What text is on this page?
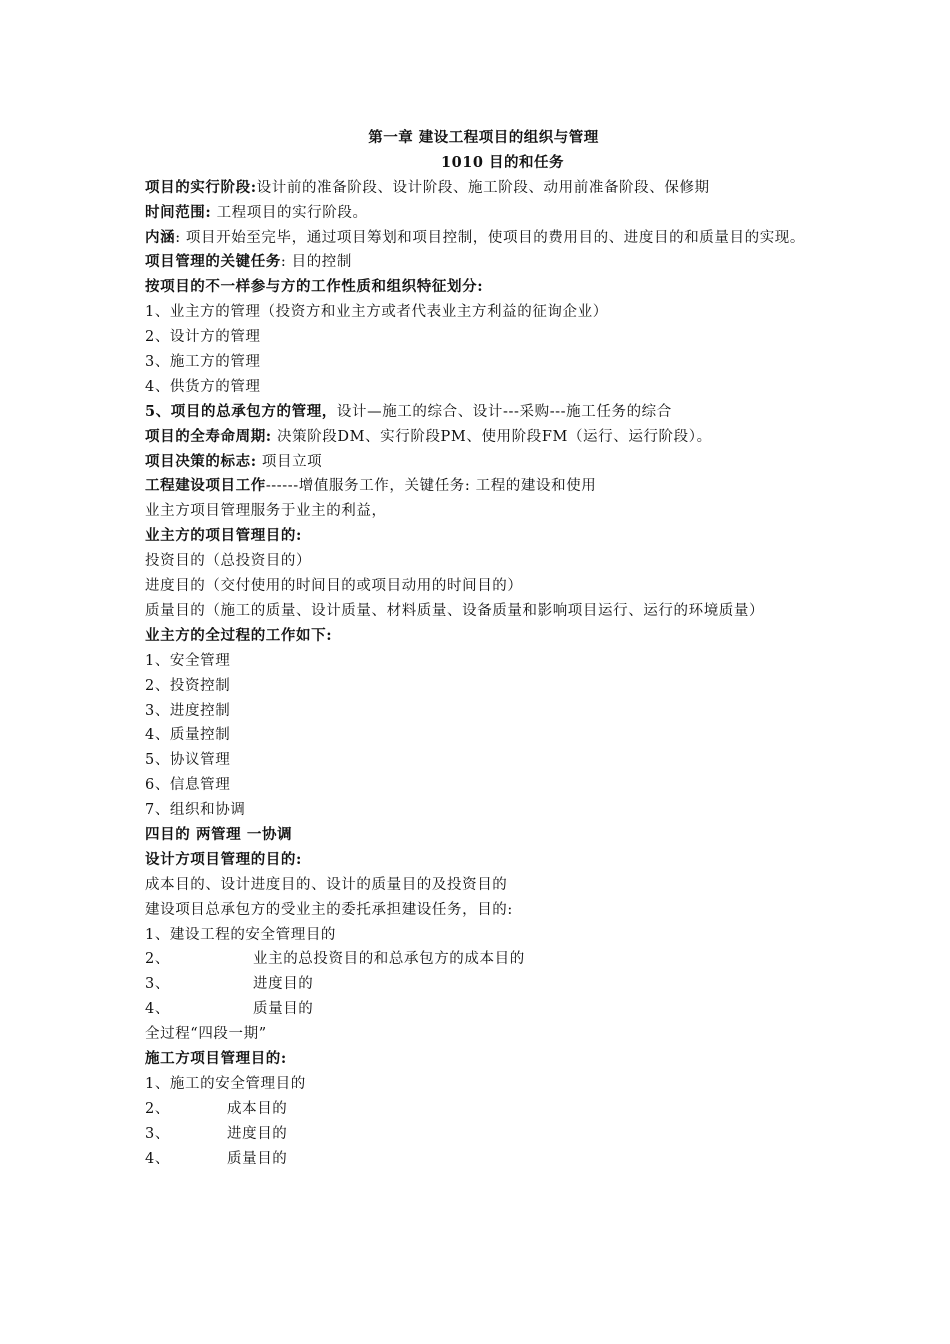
第一章 建设工程项目的组织与管理
1010 目的和任务
项目的实行阶段:设计前的准备阶段、设计阶段、施工阶段、动用前准备阶段、保修期
时间范围: 工程项目的实行阶段。
内涵: 项目开始至完毕，通过项目筹划和项目控制，使项目的费用目的、进度目的和质量目的实现。
项目管理的关键任务: 目的控制
按项目的不一样参与方的工作性质和组织特征划分:
1、业主方的管理（投资方和业主方或者代表业主方利益的征询企业）
2、设计方的管理
3、施工方的管理
4、供货方的管理
5、项目的总承包方的管理，设计—施工的综合、设计---采购---施工任务的综合
项目的全寿命周期: 决策阶段DM、实行阶段PM、使用阶段FM（运行、运行阶段）。
项目决策的标志: 项目立项
工程建设项目工作------增值服务工作，关键任务: 工程的建设和使用
业主方项目管理服务于业主的利益，
业主方的项目管理目的:
投资目的（总投资目的）
进度目的（交付使用的时间目的或项目动用的时间目的）
质量目的（施工的质量、设计质量、材料质量、设备质量和影响项目运行、运行的环境质量）
业主方的全过程的工作如下:
1、安全管理
2、投资控制
3、进度控制
4、质量控制
5、协议管理
6、信息管理
7、组织和协调
四目的 两管理 一协调
设计方项目管理的目的:
成本目的、设计进度目的、设计的质量目的及投资目的
建设项目总承包方的受业主的委托承担建设任务，目的:
1、建设工程的安全管理目的
2、	业主的总投资目的和总承包方的成本目的
3、	进度目的
4、	质量目的
全过程“四段一期”
施工方项目管理目的:
1、施工的安全管理目的
2、	成本目的
3、	进度目的
4、	质量目的
